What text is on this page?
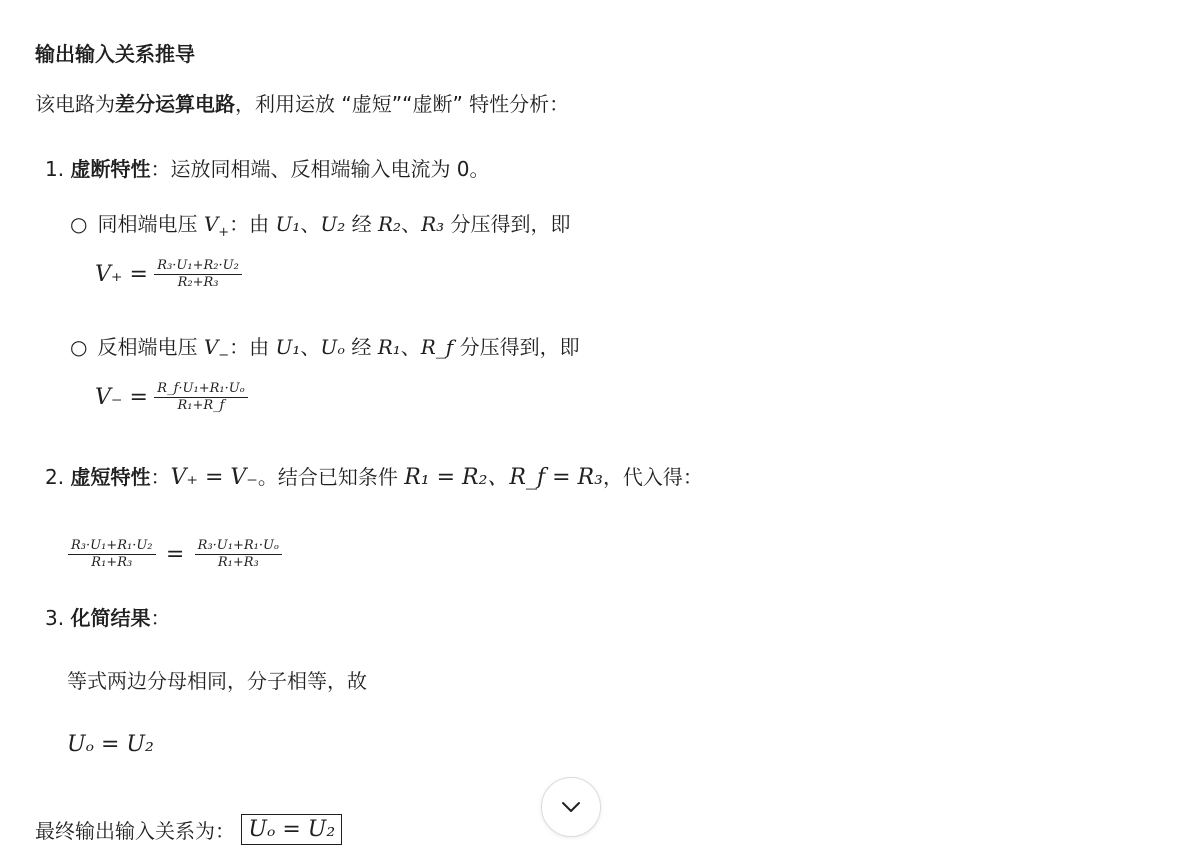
输出输入关系推导
该电路为差分运算电路，利用运放 “虚短”“虚断” 特性分析：
1. 虚断特性：运放同相端、反相端输入电流为 0。
○ 同相端电压 $V_+$：由 U₁、U₂ 经 R₂、R₃ 分压得到，即
$V_+ = \frac{\text{R₃·U₁+R₂·U₂}}{\text{R₂+R₃}}$
○ 反相端电压 $V_-$：由 U₁、Uₒ 经 R₁、R_f 分压得到，即
$V_- = \frac{\text{R\_f·U₁+R₁·Uₒ}}{\text{R₁+R\_f}}$
2. 虚短特性：V₊ = V₋。结合已知条件 R₁ = R₂、R_f = R₃，代入得：
$\frac{\text{R₃·U₁+R₁·U₂}}{\text{R₁+R₃}} = \frac{\text{R₃·U₁+R₁·Uₒ}}{\text{R₁+R₃}}$
3. 化简结果：
等式两边分母相同，分子相等，故
Uₒ = U₂
最终输出输入关系为： Uₒ = U₂
